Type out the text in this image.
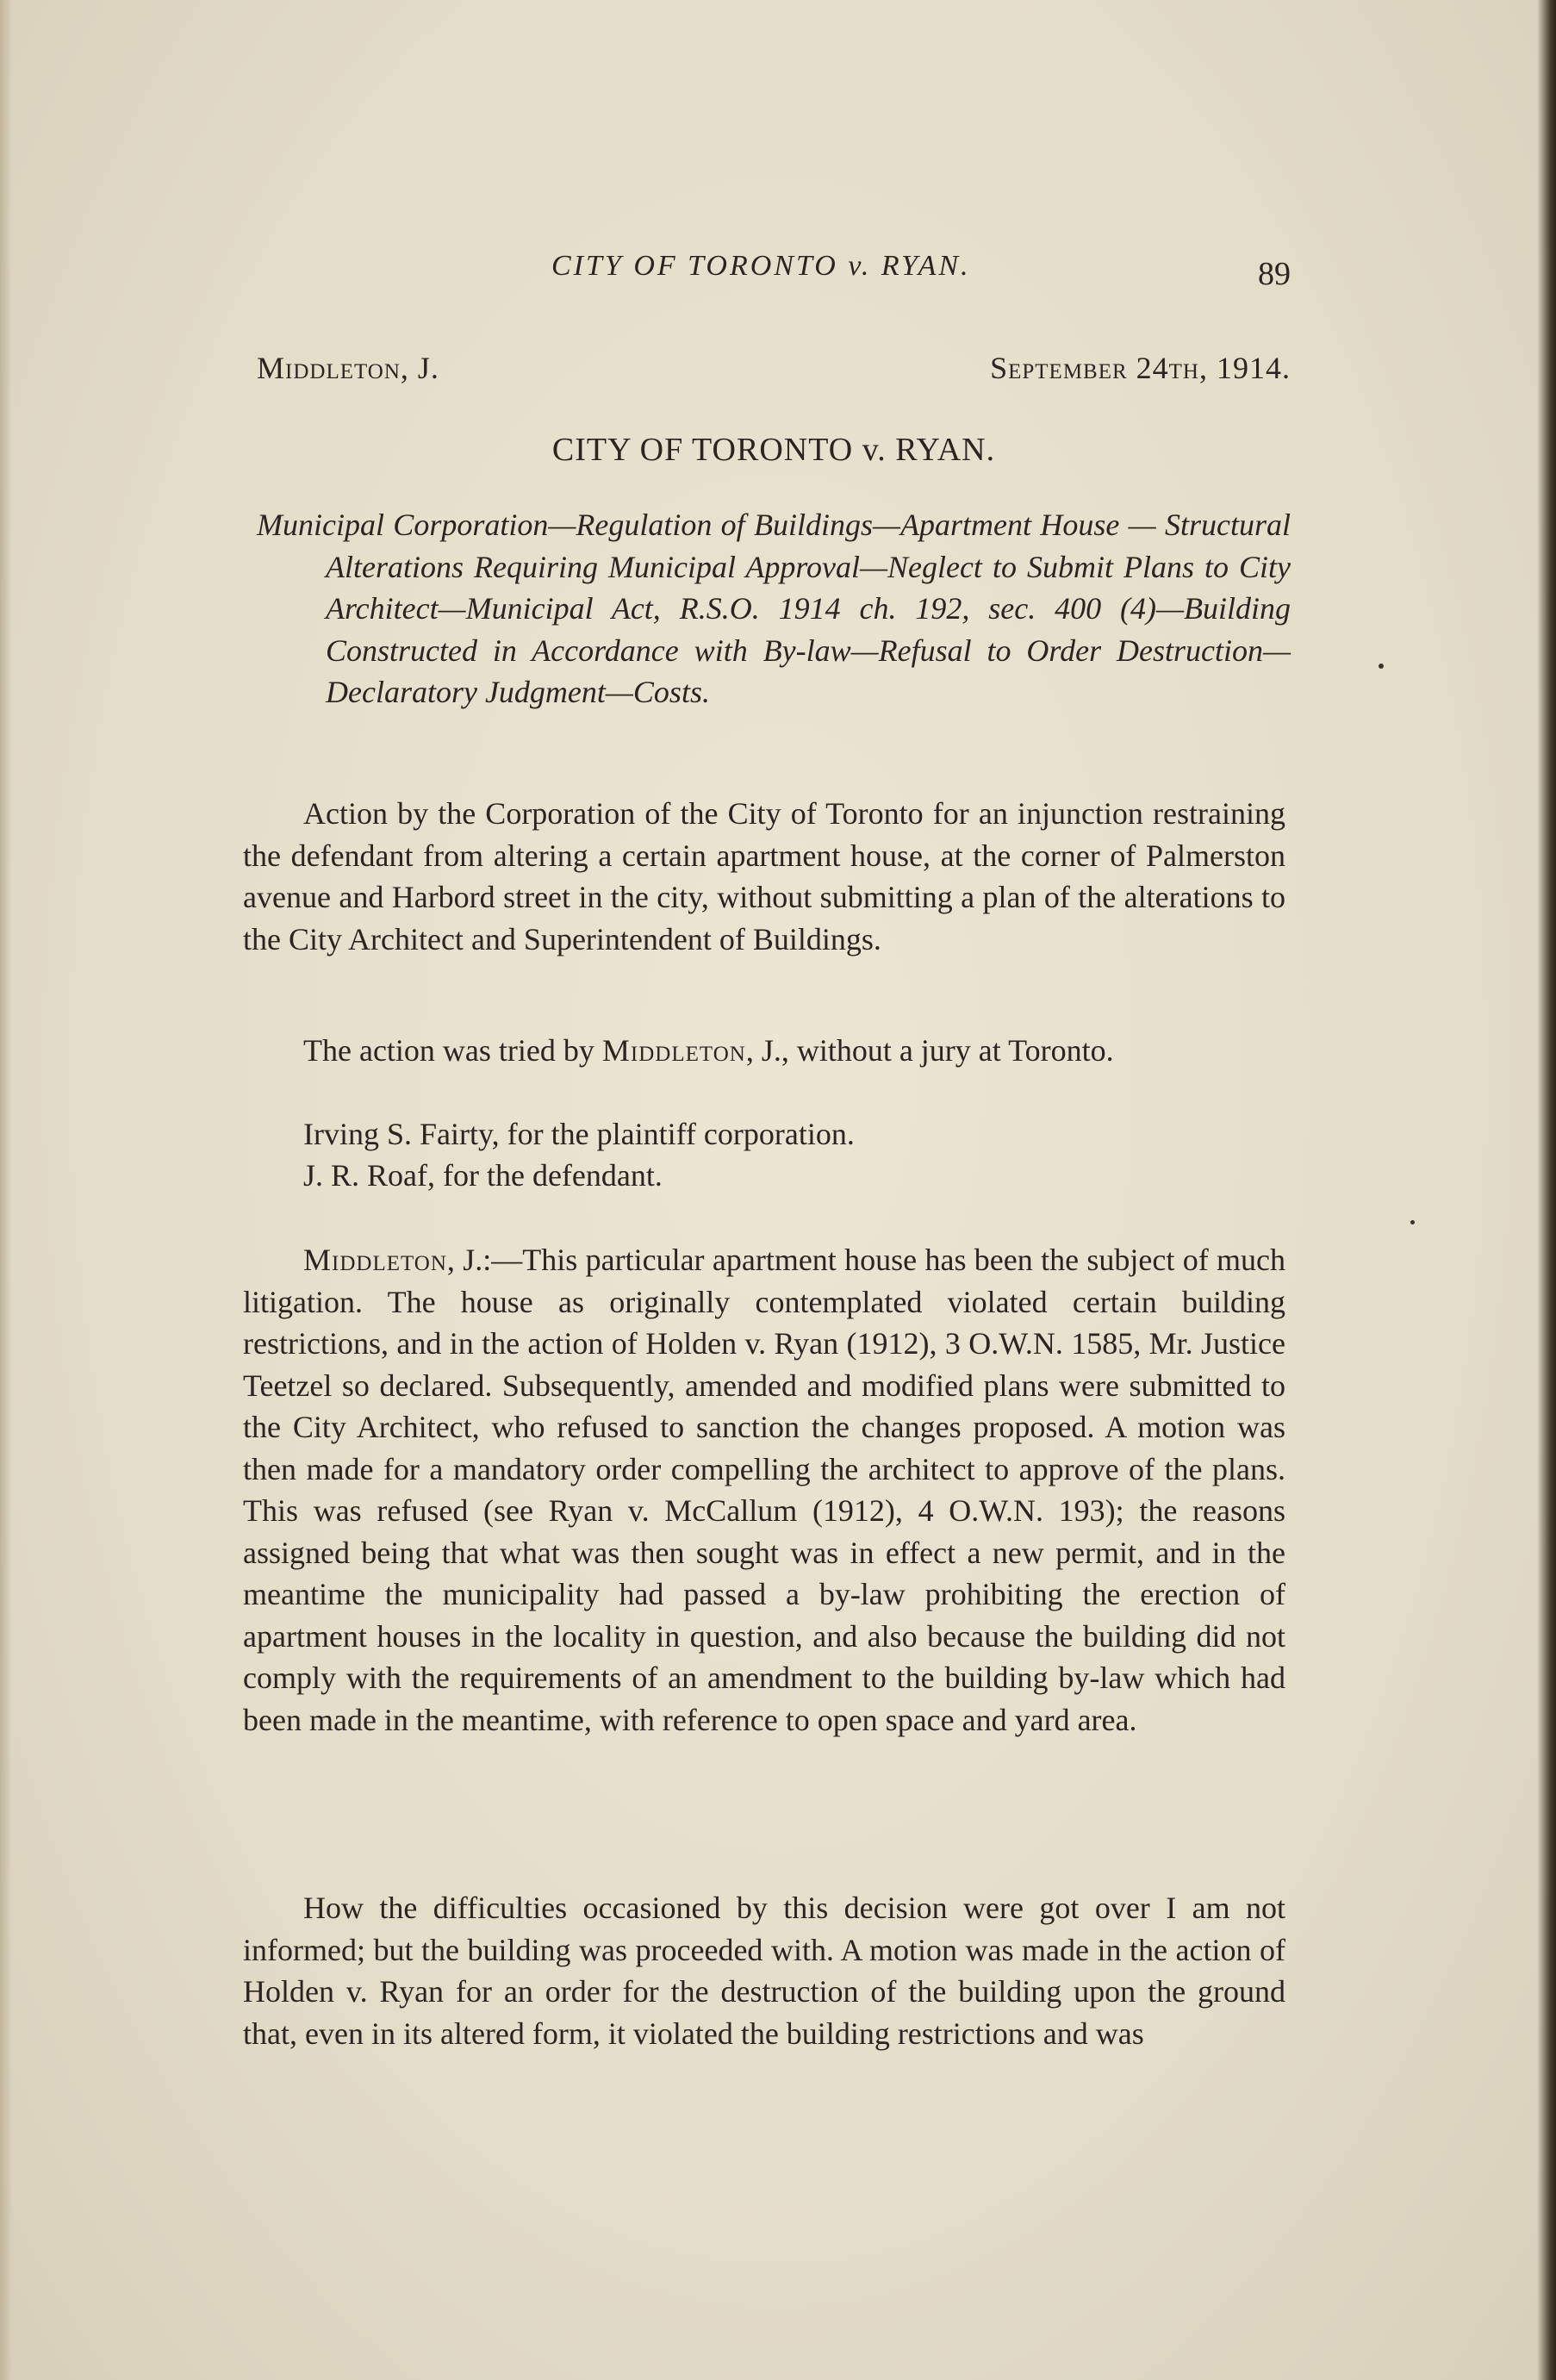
CITY OF TORONTO v. RYAN.	89
Middleton, J.	September 24th, 1914.
CITY OF TORONTO v. RYAN.
Municipal Corporation—Regulation of Buildings—Apartment House — Structural Alterations Requiring Municipal Approval—Neglect to Submit Plans to City Architect—Municipal Act, R.S.O. 1914 ch. 192, sec. 400 (4)—Building Constructed in Accordance with By-law—Refusal to Order Destruction—Declaratory Judgment—Costs.
Action by the Corporation of the City of Toronto for an injunction restraining the defendant from altering a certain apartment house, at the corner of Palmerston avenue and Harbord street in the city, without submitting a plan of the alterations to the City Architect and Superintendent of Buildings.
The action was tried by Middleton, J., without a jury at Toronto.
Irving S. Fairty, for the plaintiff corporation.
J. R. Roaf, for the defendant.
Middleton, J.:—This particular apartment house has been the subject of much litigation. The house as originally contemplated violated certain building restrictions, and in the action of Holden v. Ryan (1912), 3 O.W.N. 1585, Mr. Justice Teetzel so declared. Subsequently, amended and modified plans were submitted to the City Architect, who refused to sanction the changes proposed. A motion was then made for a mandatory order compelling the architect to approve of the plans. This was refused (see Ryan v. McCallum (1912), 4 O.W.N. 193); the reasons assigned being that what was then sought was in effect a new permit, and in the meantime the municipality had passed a by-law prohibiting the erection of apartment houses in the locality in question, and also because the building did not comply with the requirements of an amendment to the building by-law which had been made in the meantime, with reference to open space and yard area.
How the difficulties occasioned by this decision were got over I am not informed; but the building was proceeded with. A motion was made in the action of Holden v. Ryan for an order for the destruction of the building upon the ground that, even in its altered form, it violated the building restrictions and was
